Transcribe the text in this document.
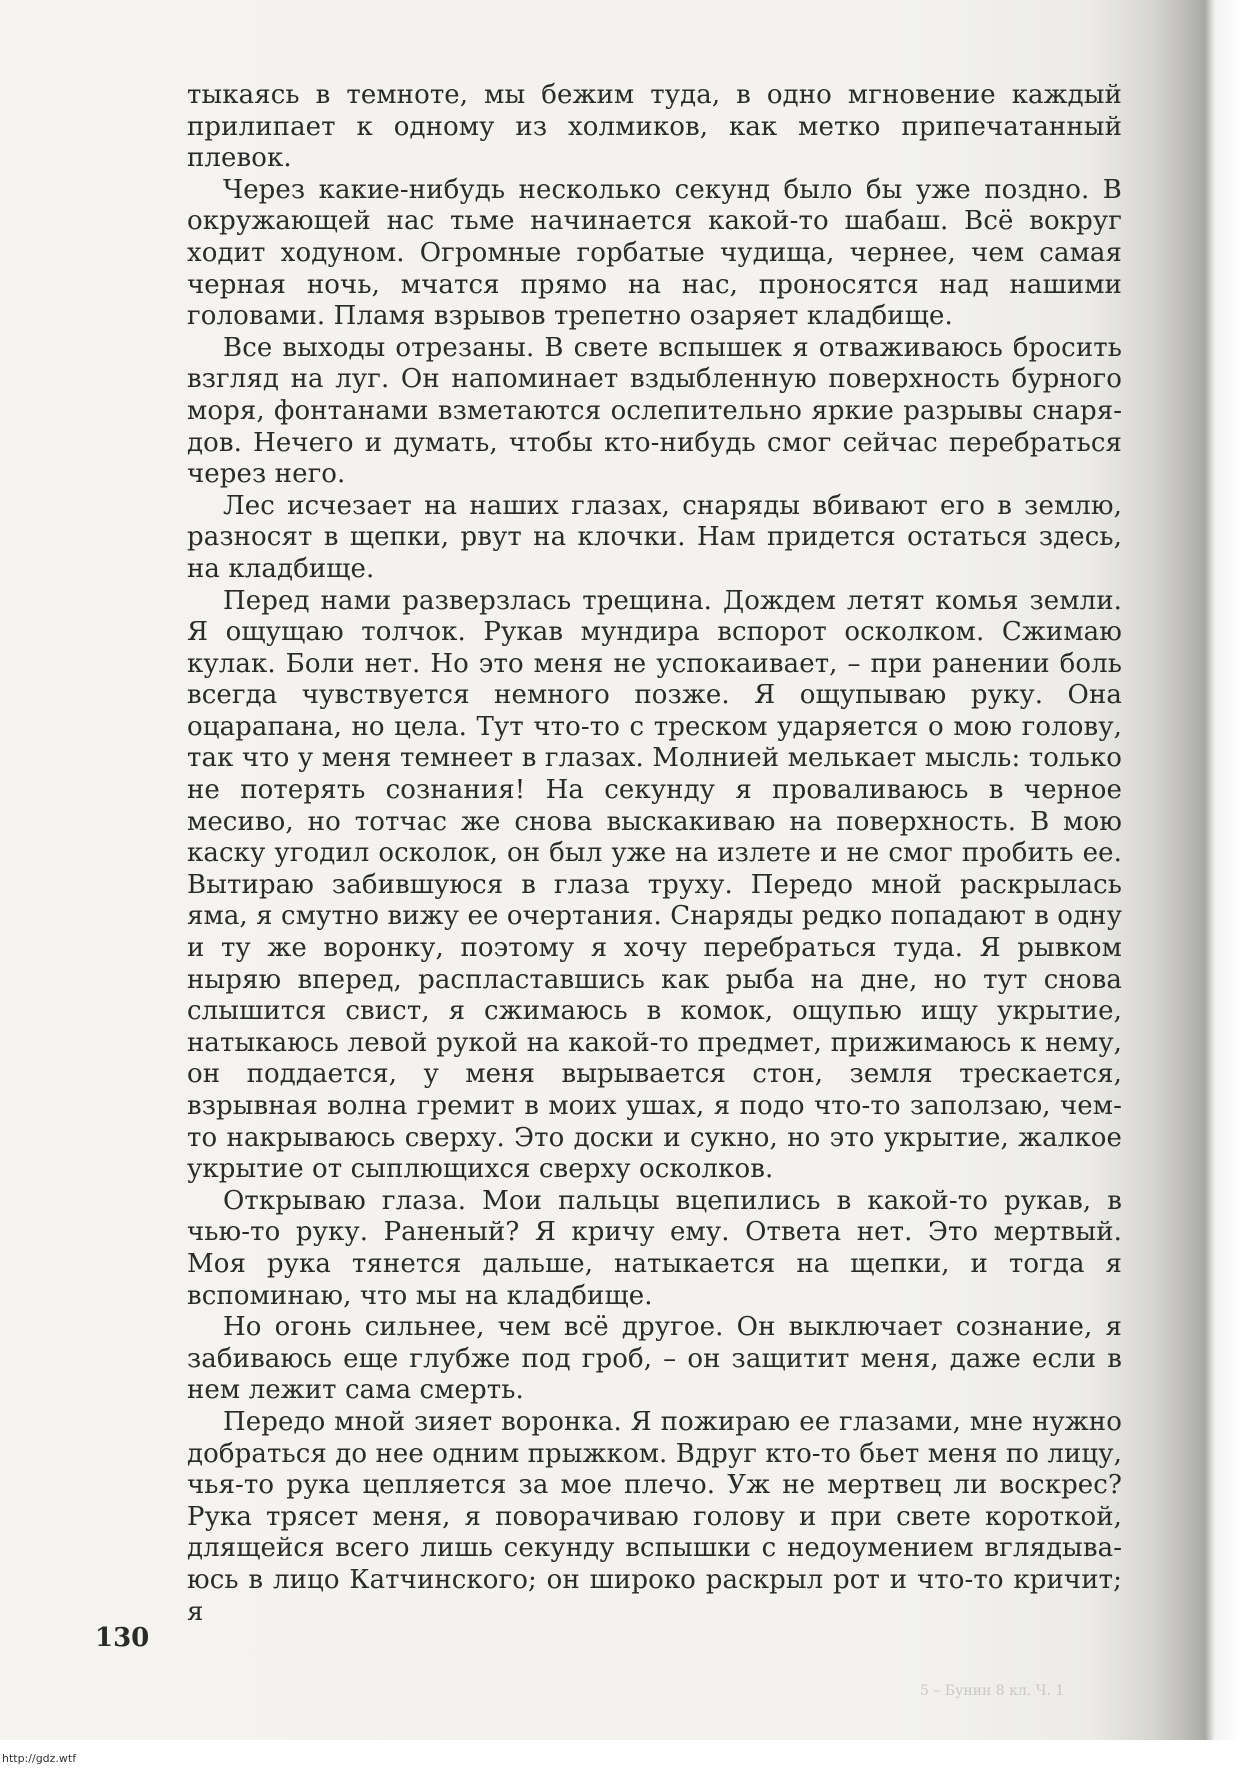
тыкаясь в темноте, мы бежим туда, в одно мгновение каждый прилипает к одному из холмиков, как метко припечатанный плевок.

Через какие-нибудь несколько секунд было бы уже поздно. В окружающей нас тьме начинается какой-то шабаш. Всё вокруг ходит ходуном. Огромные горбатые чудища, чернее, чем самая черная ночь, мчатся прямо на нас, проносятся над нашими головами. Пламя взрывов трепетно озаряет кладбище.

Все выходы отрезаны. В свете вспышек я отваживаюсь бросить взгляд на луг. Он напоминает вздыбленную поверхность бурного моря, фонтанами взметаются ослепительно яркие разрывы снарядов. Нечего и думать, чтобы кто-нибудь смог сейчас перебраться через него.

Лес исчезает на наших глазах, снаряды вбивают его в землю, разносят в щепки, рвут на клочки. Нам придется остаться здесь, на кладбище.

Перед нами разверзлась трещина. Дождем летят комья земли. Я ощущаю толчок. Рукав мундира вспорот осколком. Сжимаю кулак. Боли нет. Но это меня не успокаивает, – при ранении боль всегда чувствуется немного позже. Я ощупываю руку. Она оцарапана, но цела. Тут что-то с треском ударяется о мою голову, так что у меня темнеет в глазах. Молнией мелькает мысль: только не потерять сознания! На секунду я проваливаюсь в черное месиво, но тотчас же снова выскакиваю на поверхность. В мою каску угодил осколок, он был уже на излете и не смог пробить ее. Вытираю забившуюся в глаза труху. Передо мной раскрылась яма, я смутно вижу ее очертания. Снаряды редко попадают в одну и ту же воронку, поэтому я хочу перебраться туда. Я рывком ныряю вперед, распластавшись как рыба на дне, но тут снова слышится свист, я сжимаюсь в комок, ощупью ищу укрытие, натыкаюсь левой рукой на какой-то предмет, прижимаюсь к нему, он поддается, у меня вырывается стон, земля трескается, взрывная волна гремит в моих ушах, я подо что-то заползаю, чем-то накрываюсь сверху. Это доски и сукно, но это укрытие, жалкое укрытие от сыплющихся сверху осколков.

Открываю глаза. Мои пальцы вцепились в какой-то рукав, в чью-то руку. Раненый? Я кричу ему. Ответа нет. Это мертвый. Моя рука тянется дальше, натыкается на щепки, и тогда я вспоминаю, что мы на кладбище.

Но огонь сильнее, чем всё другое. Он выключает сознание, я забиваюсь еще глубже под гроб, – он защитит меня, даже если в нем лежит сама смерть.

Передо мной зияет воронка. Я пожираю ее глазами, мне нужно добраться до нее одним прыжком. Вдруг кто-то бьет меня по лицу, чья-то рука цепляется за мое плечо. Уж не мертвец ли воскрес? Рука трясет меня, я поворачиваю голову и при свете короткой, длящейся всего лишь секунду вспышки с недоумением вглядываюсь в лицо Катчинского; он широко раскрыл рот и что-то кричит; я

130
5 – Бунин 8 кл. Ч. 1
http://gdz.wtf
